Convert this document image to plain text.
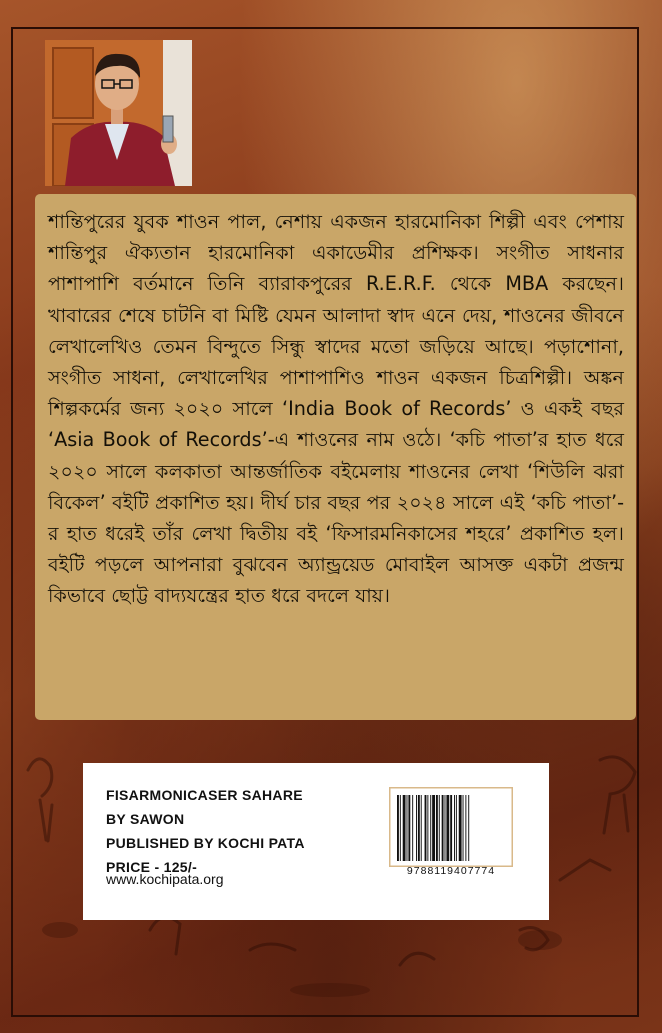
শান্তিপুরের যুবক শাওন পাল, নেশায় একজন হারমোনিকা শিল্পী এবং পেশায় শান্তিপুর ঐক্যতান হারমোনিকা একাডেমীর প্রশিক্ষক। সংগীত সাধনার পাশাপাশি বর্তমানে তিনি ব্যারাকপুরের R.E.R.F. থেকে MBA করছেন। খাবারের শেষে চাটনি বা মিষ্টি যেমন আলাদা স্বাদ এনে দেয়, শাওনের জীবনে লেখালেখিও তেমন বিন্দুতে সিন্ধু স্বাদের মতো জড়িয়ে আছে। পড়াশোনা, সংগীত সাধনা, লেখালেখির পাশাপাশিও শাওন একজন চিত্রশিল্পী। অঙ্কন শিল্পকর্মের জন্য ২০২০ সালে ‘India Book of Records’ ও একই বছর ‘Asia Book of Records’-এ শাওনের নাম ওঠে। ‘কচি পাতা’র হাত ধরে ২০২০ সালে কলকাতা আন্তর্জাতিক বইমেলায় শাওনের লেখা ‘শিউলি ঝরা বিকেল’ বইটি প্রকাশিত হয়। দীর্ঘ চার বছর পর ২০২৪ সালে এই ‘কচি পাতা’-র হাত ধরেই তাঁর লেখা দ্বিতীয় বই ‘ফিসারমনিকাসের শহরে’ প্রকাশিত হল। বইটি পড়লে আপনারা বুঝবেন অ্যান্ড্রয়েড মোবাইল আসক্ত একটা প্রজন্ম কিভাবে ছোট্ট বাদ্যযন্ত্রের হাত ধরে বদলে যায়।

FISARMONICASER SAHARE
BY SAWON
PUBLISHED BY KOCHI PATA
PRICE - 125/-
www.kochipata.org	9788119407774
